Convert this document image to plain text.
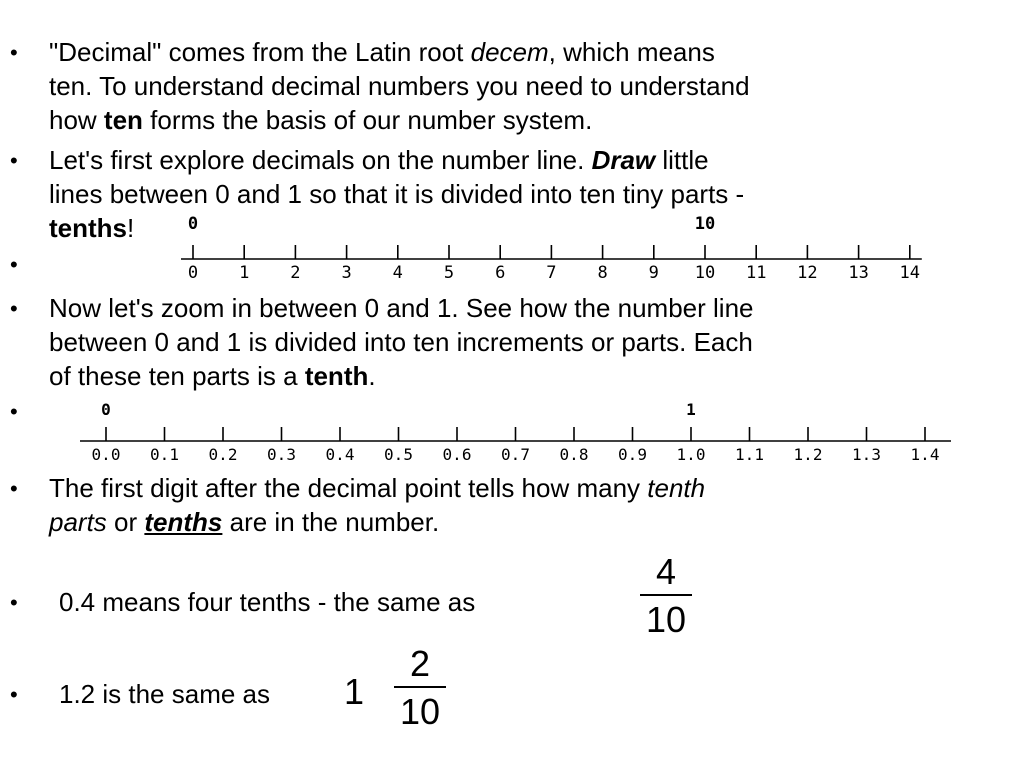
• "Decimal" comes from the Latin root decem, which means
ten. To understand decimal numbers you need to understand
how ten forms the basis of our number system.
• Let's first explore decimals on the number line. Draw little
lines between 0 and 1 so that it is divided into ten tiny parts -
tenths!
•	0 1 2 3 4 5 6 7 8 9 10 11 12 13 14
0	10
• Now let's zoom in between 0 and 1. See how the number line
between 0 and 1 is divided into ten increments or parts. Each
of these ten parts is a tenth.
•
0.0 0.1 0.2 0.3 0.4 0.5 0.6 0.7 0.8 0.9 1.0 1.1 1.2 1.3 1.4
0	1
• The first digit after the decimal point tells how many tenth
parts or tenths are in the number.
• 0.4 means four tenths - the same as
4
10
• 1.2 is the same as 1
2
10
